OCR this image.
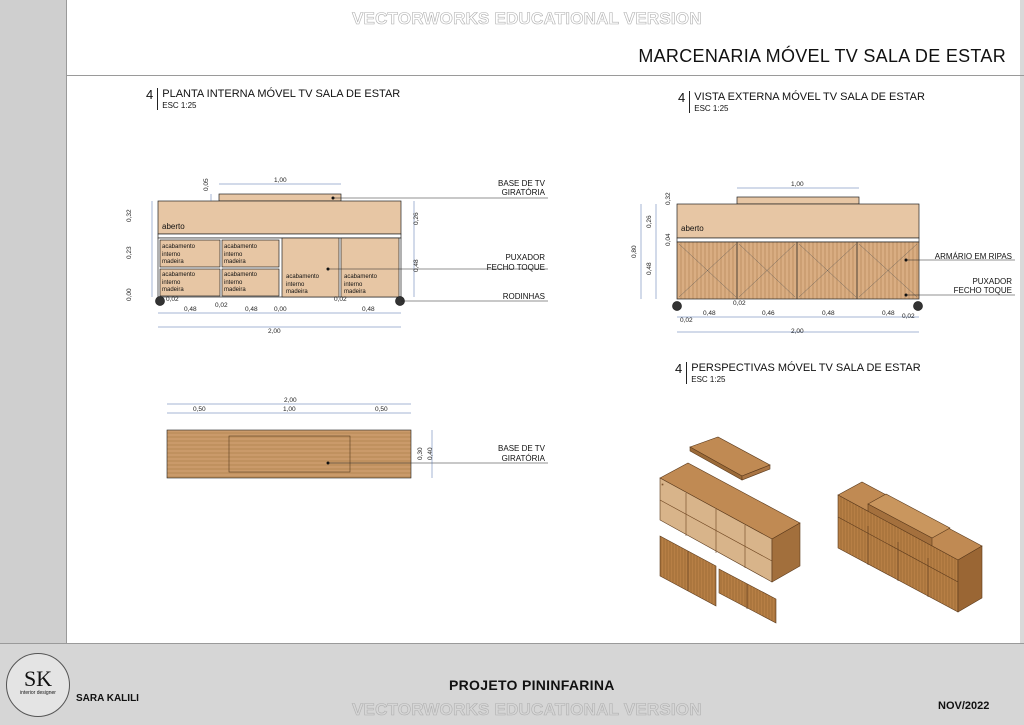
VECTORWORKS EDUCATIONAL VERSION
MARCENARIA MÓVEL TV SALA DE ESTAR
4 PLANTA INTERNA MÓVEL TV SALA DE ESTAR
ESC 1:25
4 VISTA EXTERNA MÓVEL TV SALA DE ESTAR
ESC 1:25
4 PERSPECTIVAS MÓVEL TV SALA DE ESTAR
ESC 1:25
1,00
2,00
0,48	0,48	0,48
0,02
0,02
0,02
0,00
0,26
0,48
0,32
0,23
0,00
0,05
aberto
acabamento
interno
madeira
acabamento
interno
madeira
acabamento
interno
madeira
acabamento
interno
madeira
acabamento
interno
madeira
acabamento
interno
madeira
BASE DE TV
GIRATÓRIA
PUXADOR
FECHO TOQUE
RODINHAS
1,00
2,00
0,48	0,46	0,48	0,48
0,02
0,02
0,02
0,26
0,48
0,80
0,04
0,32
aberto
ARMÁRIO EM RIPAS
PUXADOR
FECHO TOQUE
2,00
0,50	1,00	0,50
0,30 0,40	BASE DE TV
GIRATÓRIA
SK
interior designer	SARA KALILI
PROJETO PININFARINA
NOV/2022
VECTORWORKS EDUCATIONAL VERSION
